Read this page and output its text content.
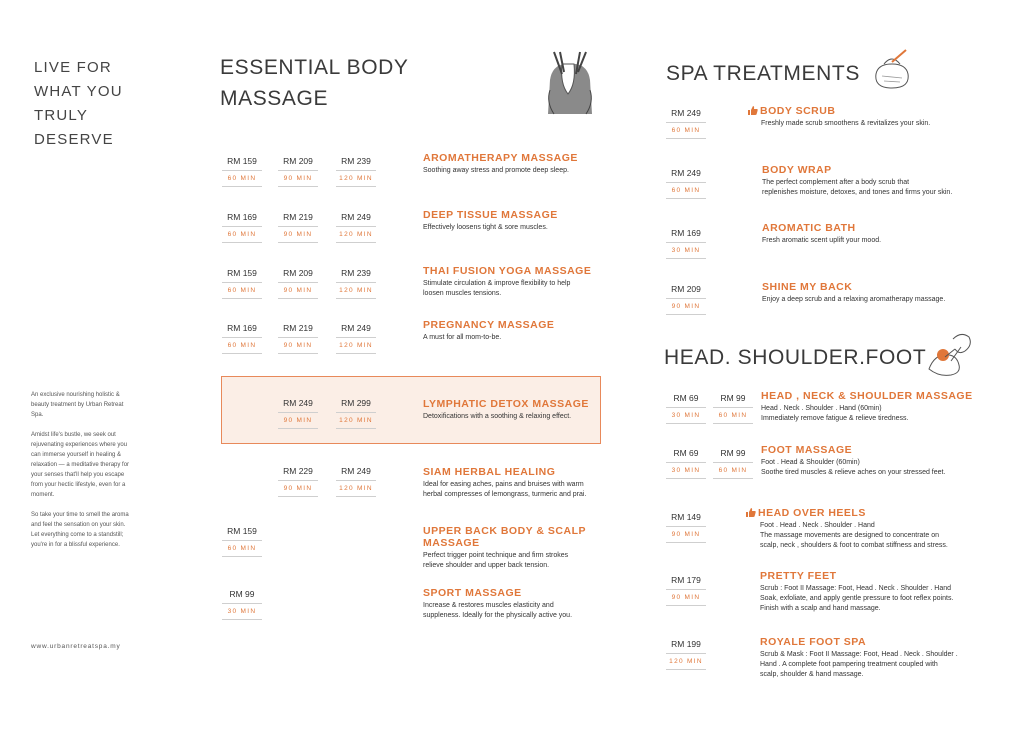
LIVE FOR
WHAT YOU
TRULY
DESERVE

An exclusive nourishing holistic & beauty treatment by Urban Retreat Spa.

Amidst life's bustle, we seek out rejuvenating experiences where you can immerse yourself in healing & relaxation — a meditative therapy for your senses that'll help you escape from your hectic lifestyle, even for a moment.

So take your time to smell the aroma and feel the sensation on your skin. Let everything come to a standstill; you're in for a blissful experience.

www.urbanretreatspa.my
ESSENTIAL BODY
MASSAGE
RM 159
60 MIN
RM 209
90 MIN
RM 239
120 MIN
AROMATHERAPY MASSAGE
Soothing away stress and promote deep sleep.
RM 169
60 MIN
RM 219
90 MIN
RM 249
120 MIN
DEEP TISSUE MASSAGE
Effectively loosens tight & sore muscles.
RM 159
60 MIN
RM 209
90 MIN
RM 239
120 MIN
THAI FUSION YOGA MASSAGE
Stimulate circulation & improve flexibility to help
loosen muscles tensions.
RM 169
60 MIN
RM 219
90 MIN
RM 249
120 MIN
PREGNANCY MASSAGE
A must for all mom-to-be.
RM 249
90 MIN
RM 299
120 MIN
LYMPHATIC DETOX MASSAGE
Detoxifications with a soothing & relaxing effect.
RM 229
90 MIN
RM 249
120 MIN
SIAM HERBAL HEALING
Ideal for easing aches, pains and bruises with warm
herbal compresses of lemongrass, turmeric and prai.
RM 159
60 MIN
UPPER BACK BODY & SCALP
MASSAGE
Perfect trigger point technique and firm strokes
relieve shoulder and upper back tension.
RM 99
30 MIN
SPORT MASSAGE
Increase & restores muscles elasticity and
suppleness. Ideally for the physically active you.
SPA TREATMENTS
RM 249
60 MIN
BODY SCRUB
Freshly made scrub smoothens & revitalizes your skin.
RM 249
60 MIN
BODY WRAP
The perfect complement after a body scrub that
replenishes moisture, detoxes, and tones and firms your skin.
RM 169
30 MIN
AROMATIC BATH
Fresh aromatic scent uplift your mood.
RM 209
90 MIN
SHINE MY BACK
Enjoy a deep scrub and a relaxing aromatherapy massage.
HEAD. SHOULDER.FOOT
RM 69
30 MIN
RM 99
60 MIN
HEAD , NECK & SHOULDER MASSAGE
Head . Neck . Shoulder . Hand (60min)
Immediately remove fatigue & relieve tiredness.
RM 69
30 MIN
RM 99
60 MIN
FOOT MASSAGE
Foot . Head & Shoulder (60min)
Soothe tired muscles & relieve aches on your stressed feet.
RM 149
90 MIN
HEAD OVER HEELS
Foot . Head . Neck . Shoulder . Hand
The massage movements are designed to concentrate on
scalp, neck , shoulders & foot to combat stiffness and stress.
RM 179
90 MIN
PRETTY FEET
Scrub : Foot II Massage: Foot, Head . Neck . Shoulder . Hand
Soak, exfoliate, and apply gentle pressure to foot reflex points.
Finish with a scalp and hand massage.
RM 199
120 MIN
ROYALE FOOT SPA
Scrub & Mask : Foot II Massage: Foot, Head . Neck . Shoulder .
Hand . A complete foot pampering treatment coupled with
scalp, shoulder & hand massage.
